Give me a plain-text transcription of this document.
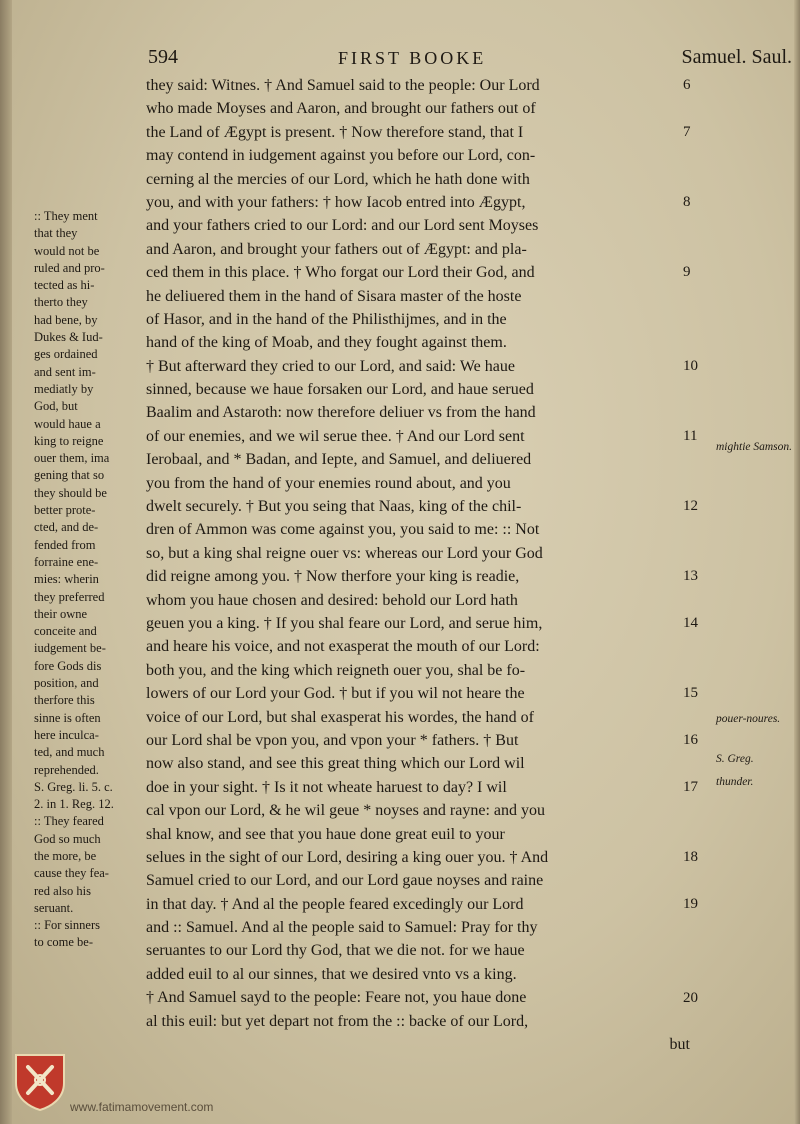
594	FIRST BOOKE	Samuel. Saul.
they said: Witnes. † And Samuel said to the people: Our Lord
who made Moyses and Aaron, and brought our fathers out of
the Land of Ægypt is present. † Now therefore stand, that I
may contend in iudgement against you before our Lord, con-
cerning al the mercies of our Lord, which he hath done with
you, and with your fathers: † how Iacob entred into Ægypt,
and your fathers cried to our Lord: and our Lord sent Moyses
and Aaron, and brought your fathers out of Ægypt: and pla-
ced them in this place. † Who forgat our Lord their God, and
he deliuered them in the hand of Sisara master of the hoste
of Hasor, and in the hand of the Philisthijmes, and in the
hand of the king of Moab, and they fought against them.
† But afterward they cried to our Lord, and said: We haue
sinned, because we haue forsaken our Lord, and haue serued
Baalim and Astaroth: now therefore deliuer vs from the hand
of our enemies, and we wil serue thee. † And our Lord sent
Ierobaal, and * Badan, and Iepte, and Samuel, and deliuered
you from the hand of your enemies round about, and you
dwelt securely. † But you seing that Naas, king of the chil-
dren of Ammon was come against you, you said to me: :: Not
so, but a king shal reigne ouer vs: whereas our Lord your God
did reigne among you. † Now therfore your king is readie,
whom you haue chosen and desired: behold our Lord hath
geuen you a king. † If you shal feare our Lord, and serue him,
and heare his voice, and not exasperat the mouth of our Lord:
both you, and the king which reigneth ouer you, shal be fo-
lowers of our Lord your God. † but if you wil not heare the
voice of our Lord, but shal exasperat his wordes, the hand of
our Lord shal be vpon you, and vpon your * fathers. † But
now also stand, and see this great thing which our Lord wil
doe in your sight. † Is it not wheate haruest to day? I wil
cal vpon our Lord, & he wil geue * noyses and rayne: and you
shal know, and see that you haue done great euil to your
selues in the sight of our Lord, desiring a king ouer you. † And
Samuel cried to our Lord, and our Lord gaue noyses and raine
in that day. † And al the people feared excedingly our Lord
and :: Samuel. And al the people said to Samuel: Pray for thy
seruantes to our Lord thy God, that we die not. for we haue
added euil to al our sinnes, that we desired vnto vs a king.
† And Samuel sayd to the people: Feare not, you haue done
al this euil: but yet depart not from the :: backe of our Lord,
but
6
7
8
9
10
11
12
13
14
15
16
17
18
19
20
:: They ment
that they
would not be
ruled and pro-
tected as hi-
therto they
had bene, by
Dukes & Iud-
ges ordained
and sent im-
mediatly by
God, but
would haue a
king to reigne
ouer them, ima
gening that so
they should be
better prote-
cted, and de-
fended from
forraine ene-
mies: wherin
they preferred
their owne
conceite and
iudgement be-
fore Gods dis
position, and
therfore this
sinne is often
here inculca-
ted, and much
reprehended.
S. Greg. li. 5. c.
2. in 1. Reg. 12.
:: They feared
God so much
the more, be
cause they fea-
red also his
seruant.
:: For sinners
to come be-
mightie Samson.
pouer-noures.
S. Greg.
thunder.
www.fatimamovement.com
